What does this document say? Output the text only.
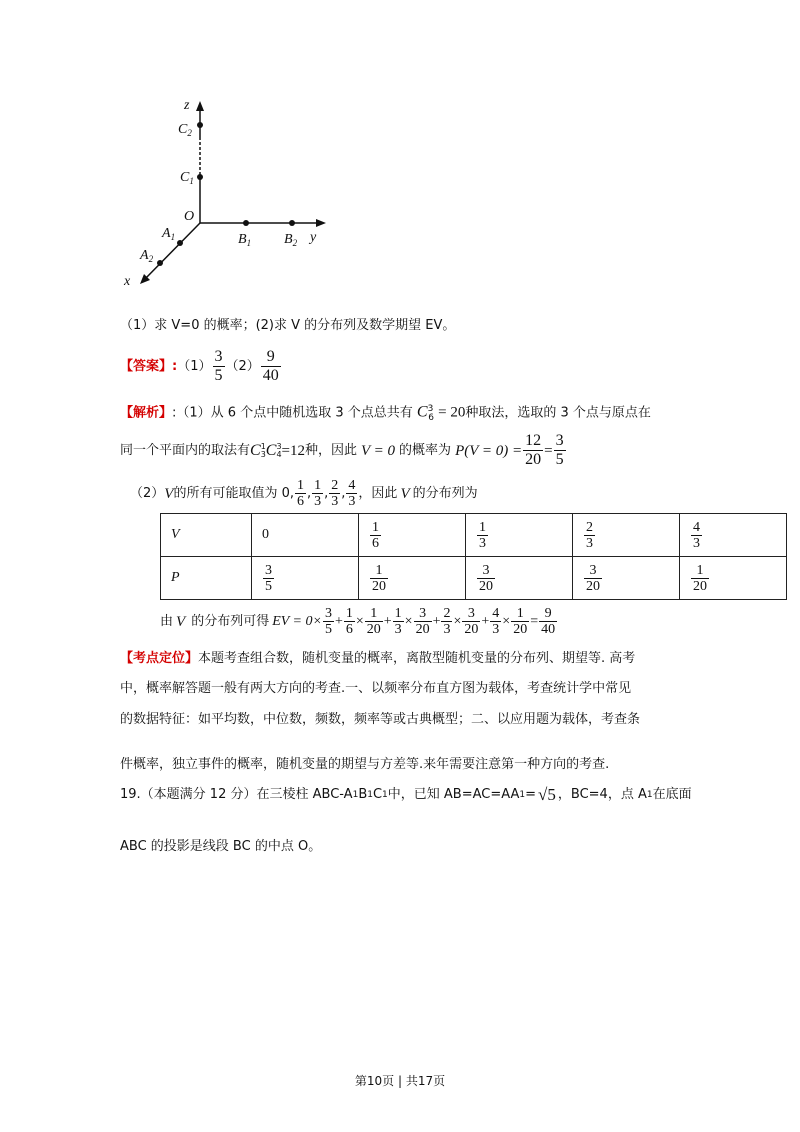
z
$C_2$
$C_1$
O
$B_1$ $B_2$ y
$A_1$
$A_2$
x
（1）求 V=0 的概率；(2)求 V 的分布列及数学期望 EV。
【答案】 : $(1) \frac{3}{5} (2) \frac{9}{40}$
【解析】:（1）从 6 个点中随机选取 3 个点总共有 $C^3_6 = 20$种取法，选取的 3 个点与原点在
同一个平面内的取法有 C 1
3 C 3
4 =12 种，因此 V = 0 的概率为 $P(V = 0) = \frac{12}{20} = \frac{3}{5}$
（2） V 的所有可能取值为 0, $\frac{1}{6}$ , $\frac{1}{3}$ , $\frac{2}{3}$ , $\frac{4}{3}$ ，因此 V 的分布列为
V	0	$\frac{1}{6}$	$\frac{1}{3}$	$\frac{2}{3}$	$\frac{4}{3}$

P	$\frac{3}{5}$	$\frac{1}{20}$	$\frac{3}{20}$	$\frac{3}{20}$	$\frac{1}{20}$
由 V 的分布列可得 EV = $0\times \frac{3}{5} + \frac{1}{6} \times \frac{1}{20} + \frac{1}{3} \times \frac{3}{20} + \frac{2}{3} \times \frac{3}{20} + \frac{4}{3} \times \frac{1}{20} = \frac{9}{40}$
【考点定位】本题考查组合数，随机变量的概率，离散型随机变量的分布列、期望等. 高考
中，概率解答题一般有两大方向的考查.一、以频率分布直方图为载体，考查统计学中常见
的数据特征：如平均数，中位数，频数，频率等或古典概型；二、以应用题为载体，考查条
件概率，独立事件的概率，随机变量的期望与方差等.来年需要注意第一种方向的考查.
19.（本题满分 12 分）在三棱柱 ABC-A 1 B 1 C 1 中，已知 AB=AC=AA 1 = √5 ，BC=4，点 A 1 在底面
ABC 的投影是线段 BC 的中点 O。
第10页 | 共17页
